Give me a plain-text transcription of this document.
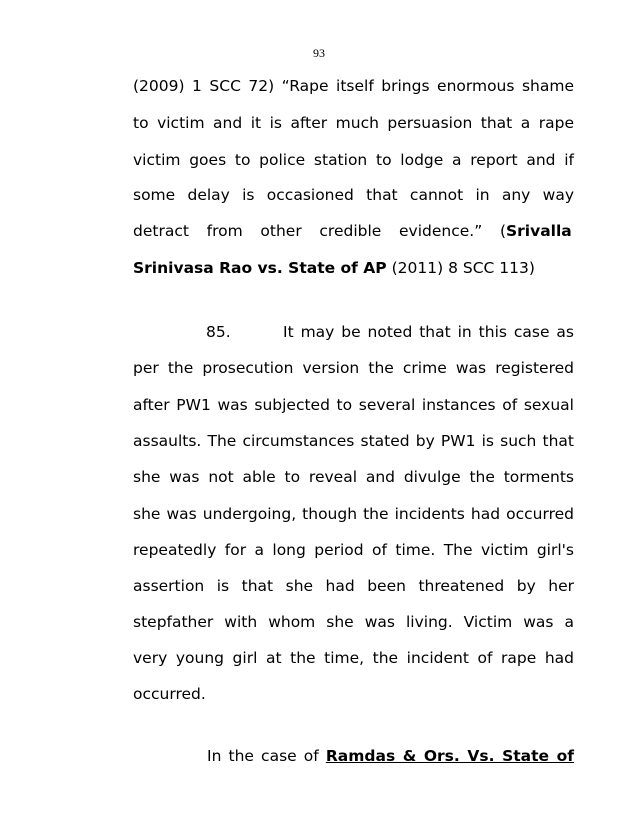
93
(2009) 1 SCC 72) “Rape itself brings enormous shame
to victim and it is after much persuasion that a rape
victim goes to police station to lodge a report and if
some delay is occasioned that cannot in any way
detract from other credible evidence.” (Srivalla
Srinivasa Rao vs. State of AP (2011) 8 SCC 113)
85.	It may be noted that in this case as
per the prosecution version the crime was registered
after PW1 was subjected to several instances of sexual
assaults. The circumstances stated by PW1 is such that
she was not able to reveal and divulge the torments
she was undergoing, though the incidents had occurred
repeatedly for a long period of time. The victim girl's
assertion is that she had been threatened by her
stepfather with whom she was living. Victim was a
very young girl at the time, the incident of rape had
occurred.
In the case of Ramdas & Ors. Vs. State of
